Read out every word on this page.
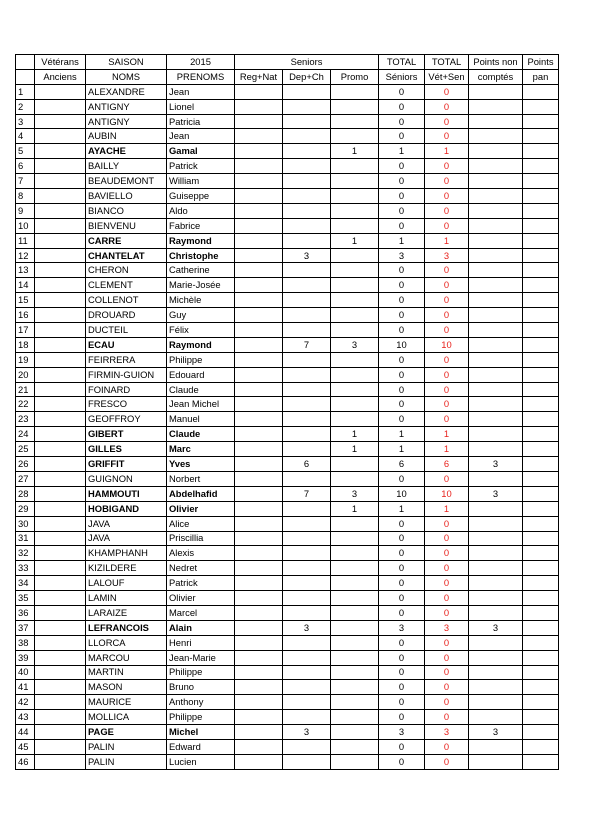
	Vétérans	SAISON	2015	Seniors			TOTAL	TOTAL	Points non	Points
	Anciens	NOMS	PRENOMS	Reg+Nat	Dep+Ch	Promo	Séniors	Vét+Sen	comptés	pan
1		ALEXANDRE	Jean				0	0		
2		ANTIGNY	Lionel				0	0		
3		ANTIGNY	Patricia				0	0		
4		AUBIN	Jean				0	0		
5		AYACHE	Gamal			1	1	1		
6		BAILLY	Patrick				0	0		
7		BEAUDEMONT	William				0	0		
8		BAVIELLO	Guiseppe				0	0		
9		BIANCO	Aldo				0	0		
10		BIENVENU	Fabrice				0	0		
11		CARRE	Raymond			1	1	1		
12		CHANTELAT	Christophe		3		3	3		
13		CHERON	Catherine				0	0		
14		CLEMENT	Marie-Josée				0	0		
15		COLLENOT	Michèle				0	0		
16		DROUARD	Guy				0	0		
17		DUCTEIL	Félix				0	0		
18		ECAU	Raymond		7	3	10	10		
19		FEIRRERA	Philippe				0	0		
20		FIRMIN-GUION	Edouard				0	0		
21		FOINARD	Claude				0	0		
22		FRESCO	Jean Michel				0	0		
23		GEOFFROY	Manuel				0	0		
24		GIBERT	Claude			1	1	1		
25		GILLES	Marc			1	1	1		
26		GRIFFIT	Yves		6		6	6	3	
27		GUIGNON	Norbert				0	0		
28		HAMMOUTI	Abdelhafid		7	3	10	10	3	
29		HOBIGAND	Olivier			1	1	1		
30		JAVA	Alice				0	0		
31		JAVA	Priscillia				0	0		
32		KHAMPHANH	Alexis				0	0		
33		KIZILDERE	Nedret				0	0		
34		LALOUF	Patrick				0	0		
35		LAMIN	Olivier				0	0		
36		LARAIZE	Marcel				0	0		
37		LEFRANCOIS	Alain		3		3	3	3	
38		LLORCA	Henri				0	0		
39		MARCOU	Jean-Marie				0	0		
40		MARTIN	Philippe				0	0		
41		MASON	Bruno				0	0		
42		MAURICE	Anthony				0	0		
43		MOLLICA	Philippe				0	0		
44		PAGE	Michel		3		3	3	3	
45		PALIN	Edward				0	0		
46		PALIN	Lucien				0	0		
